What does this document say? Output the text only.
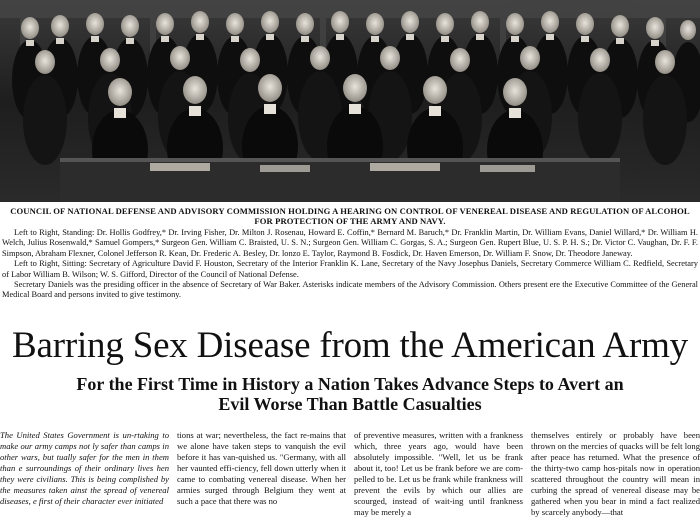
COUNCIL OF NATIONAL DEFENSE AND ADVISORY COMMISSION HOLDING A HEARING ON CONTROL OF VENEREAL DISEASE AND REGULATION OF ALCOHOL FOR PROTECTION OF THE ARMY AND NAVY.

Left to Right, Standing: Dr. Hollis Godfrey,* Dr. Irving Fisher, Dr. Milton J. Rosenau, Howard E. Coffin,* Bernard M. Baruch,* Dr. Franklin Martin, Dr. William Evans, Daniel Willard,* Dr. William H. Welch, Julius Rosenwald,* Samuel Gompers,* Surgeon Gen. William C. Braisted, U. S. N.; Surgeon Gen. William C. Gorgas, S. A.; Surgeon Gen. Rupert Blue, U. S. P. H. S.; Dr. Victor C. Vaughan, Dr. F. F. Simpson, Abraham Flexner, Colonel Jefferson R. Kean, Dr. Frederic A. Besley, Dr. lonzo E. Taylor, Raymond B. Fosdick, Dr. Haven Emerson, Dr. William F. Snow, Dr. Theodore Janeway.

Left to Right, Sitting: Secretary of Agriculture David F. Houston, Secretary of the Interior Franklin K. Lane, Secretary of the Navy Josephus Daniels, Secretary Commerce William C. Redfield, Secretary of Labor William B. Wilson; W. S. Gifford, Director of the Council of National Defense.

Secretary Daniels was the presiding officer in the absence of Secretary of War Baker. Asterisks indicate members of the Advisory Commission. Others present ere the Executive Committee of the General Medical Board and persons invited to give testimony.

Barring Sex Disease from the American Army
For the First Time in History a Nation Takes Advance Steps to Avert an Evil Worse Than Battle Casualties

The United States Government is un-rtaking to make our army camps not ly safer than camps in other wars, but tually safer for the men in them than e surroundings of their ordinary lives hen they were civilians. This is being complished by the measures taken ainst the spread of venereal diseases, e first of their character ever initiated

tions at war; nevertheless, the fact re-mains that we alone have taken steps to vanquish the evil before it has van-quished us. "Germany, with all her vaunted effi-ciency, fell down utterly when it came to combating venereal disease. When her armies surged through Belgium they went at such a pace that there was no

of preventive measures, written with a frankness which, three years ago, would have been absolutely impossible. "Well, let us be frank about it, too! Let us be frank before we are com-pelled to be. Let us be frank while frankness will prevent the evils by which our allies are scourged, instead of wait-ing until frankness may be merely a

themselves entirely or probably have been thrown on the mercies of quacks will be felt long after peace has returned. What the presence of the thirty-two camp hos-pitals now in operation scattered throughout the country will mean in curbing the spread of venereal disease may be gathered when you bear in mind a fact realized by scarcely anybody—that
